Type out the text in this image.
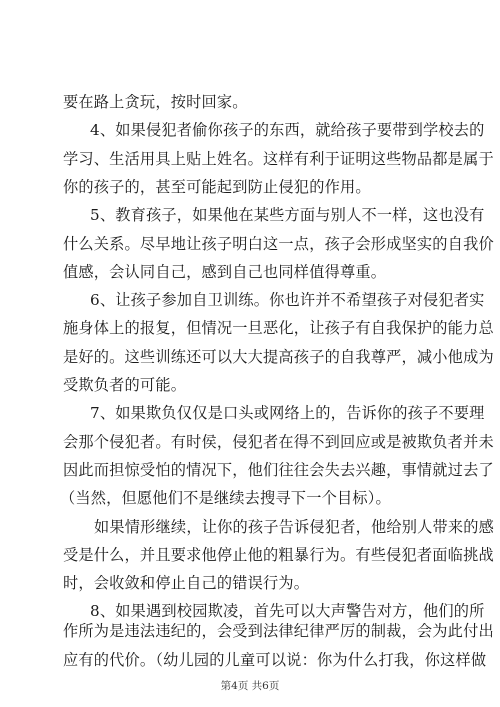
要在路上贪玩，按时回家。
4、如果侵犯者偷你孩子的东西，就给孩子要带到学校去的
学习、生活用具上贴上姓名。这样有利于证明这些物品都是属于
你的孩子的，甚至可能起到防止侵犯的作用。
5、教育孩子，如果他在某些方面与别人不一样，这也没有
什么关系。尽早地让孩子明白这一点，孩子会形成坚实的自我价
值感，会认同自己，感到自己也同样值得尊重。
6、让孩子参加自卫训练。你也许并不希望孩子对侵犯者实
施身体上的报复，但情况一旦恶化，让孩子有自我保护的能力总
是好的。这些训练还可以大大提高孩子的自我尊严，减小他成为
受欺负者的可能。
7、如果欺负仅仅是口头或网络上的，告诉你的孩子不要理
会那个侵犯者。有时侯，侵犯者在得不到回应或是被欺负者并未
因此而担惊受怕的情况下，他们往往会失去兴趣，事情就过去了
（当然，但愿他们不是继续去搜寻下一个目标）。
如果情形继续，让你的孩子告诉侵犯者，他给别人带来的感
受是什么，并且要求他停止他的粗暴行为。有些侵犯者面临挑战
时，会收敛和停止自己的错误行为。
8、如果遇到校园欺凌，首先可以大声警告对方，他们的所
作所为是违法违纪的，会受到法律纪律严厉的制裁，会为此付出
应有的代价。（幼儿园的儿童可以说：你为什么打我，你这样做
第4页 共6页
